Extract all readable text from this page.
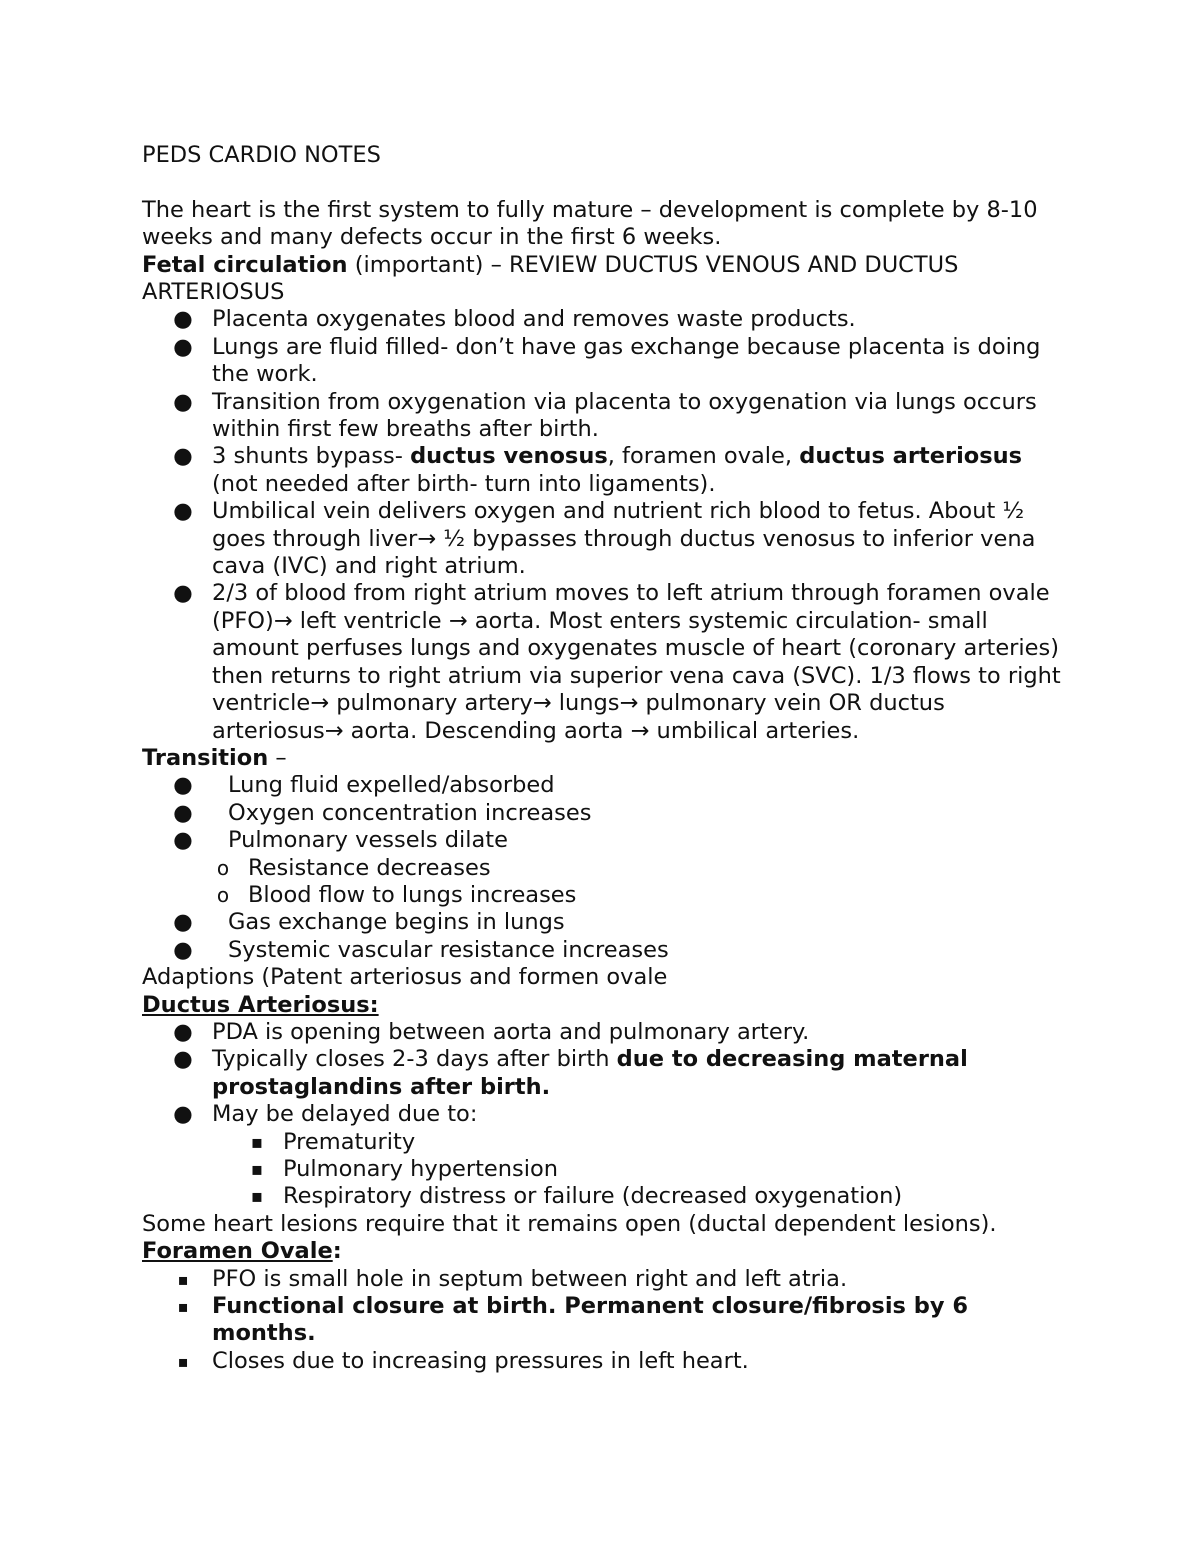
PEDS CARDIO NOTES

The heart is the first system to fully mature – development is complete by 8-10 weeks and many defects occur in the first 6 weeks.

Fetal circulation (important) – REVIEW DUCTUS VENOUS AND DUCTUS ARTERIOSUS

● Placenta oxygenates blood and removes waste products.
● Lungs are fluid filled- don’t have gas exchange because placenta is doing the work.
● Transition from oxygenation via placenta to oxygenation via lungs occurs within first few breaths after birth.
● 3 shunts bypass- ductus venosus, foramen ovale, ductus arteriosus (not needed after birth- turn into ligaments).
● Umbilical vein delivers oxygen and nutrient rich blood to fetus. About ½ goes through liver→ ½ bypasses through ductus venosus to inferior vena cava (IVC) and right atrium.
● 2/3 of blood from right atrium moves to left atrium through foramen ovale (PFO)→ left ventricle → aorta. Most enters systemic circulation- small amount perfuses lungs and oxygenates muscle of heart (coronary arteries) then returns to right atrium via superior vena cava (SVC). 1/3 flows to right ventricle→ pulmonary artery→ lungs→ pulmonary vein OR ductus arteriosus→ aorta. Descending aorta → umbilical arteries.

Transition –

● Lung fluid expelled/absorbed
● Oxygen concentration increases
● Pulmonary vessels dilate
o Resistance decreases
o Blood flow to lungs increases
● Gas exchange begins in lungs
● Systemic vascular resistance increases

Adaptions (Patent arteriosus and formen ovale

Ductus Arteriosus:

● PDA is opening between aorta and pulmonary artery.
● Typically closes 2-3 days after birth due to decreasing maternal prostaglandins after birth.
● May be delayed due to:
▪ Prematurity
▪ Pulmonary hypertension
▪ Respiratory distress or failure (decreased oxygenation)

Some heart lesions require that it remains open (ductal dependent lesions).

Foramen Ovale:

▪ PFO is small hole in septum between right and left atria.
▪ Functional closure at birth. Permanent closure/fibrosis by 6 months.
▪ Closes due to increasing pressures in left heart.
